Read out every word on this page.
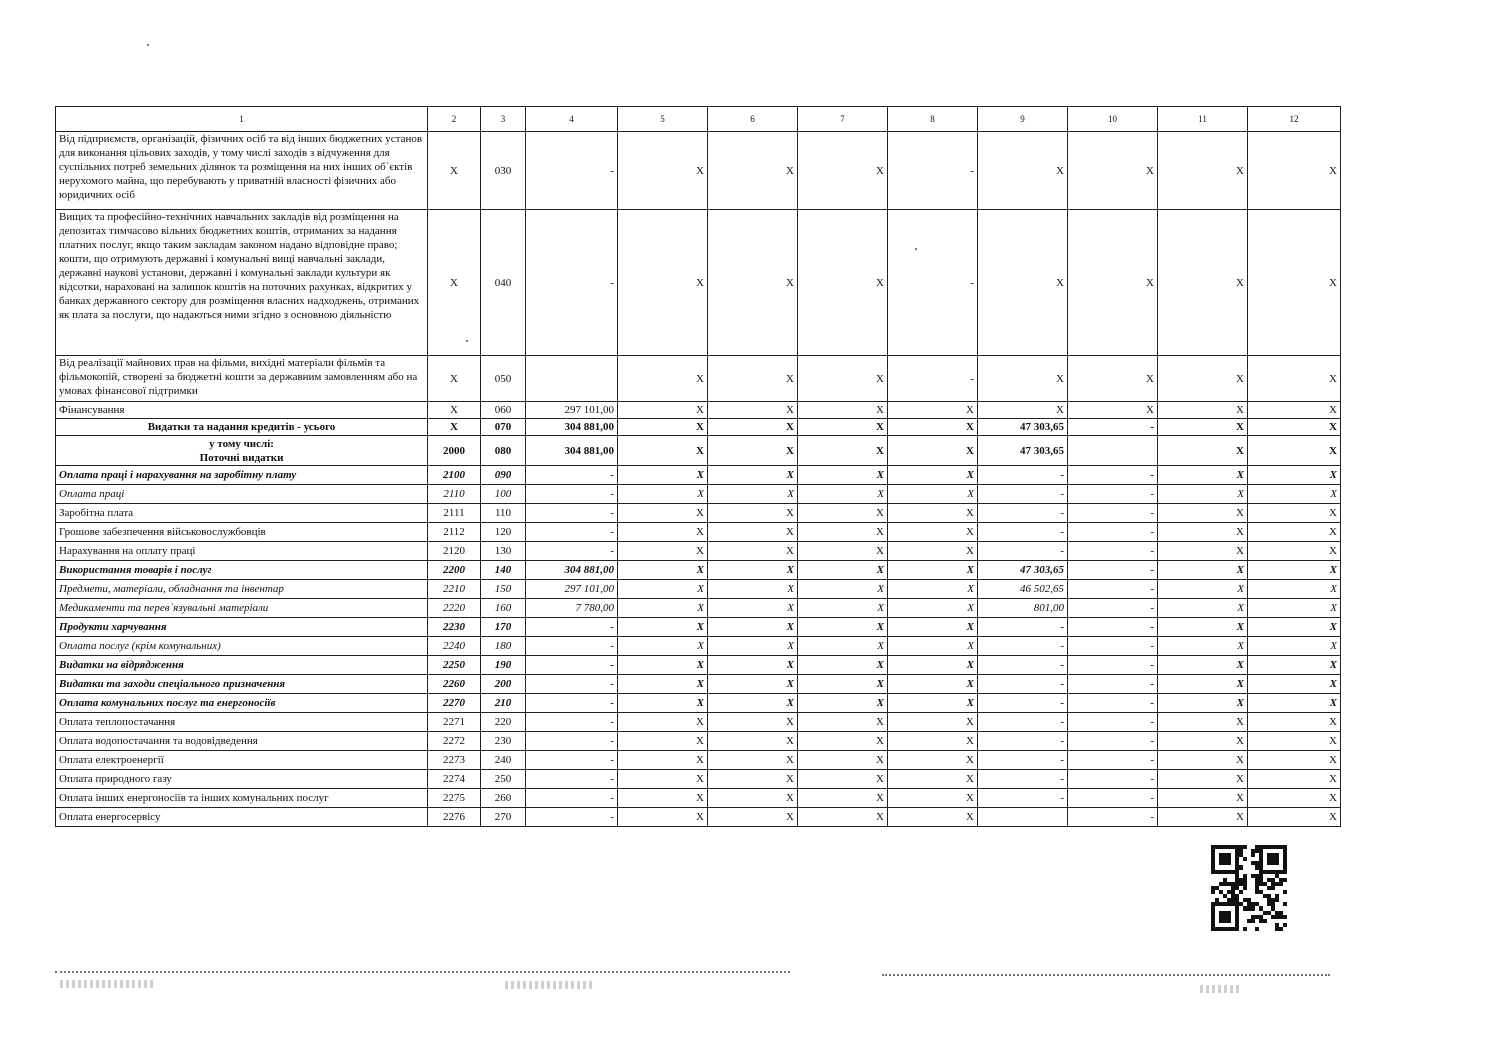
1	2	3	4	5	6	7	8	9	10	11	12

Від підприємств, організацій, фізичних осіб та від інших бюджетних установ для виконання цільових заходів, у тому числі заходів з відчуження для суспільних потреб земельних ділянок та розміщення на них інших об`єктів нерухомого майна, що перебувають у приватній власності фізичних або юридичних осіб	X	030	-	X	X	X	-	X	X	X	X

Вищих та професійно-технічних навчальних закладів від розміщення на депозитах тимчасово вільних бюджетних коштів, отриманих за надання платних послуг, якщо таким закладам законом надано відповідне право; кошти, що отримують державні і комунальні вищі навчальні заклади, державні наукові установи, державні і комунальні заклади культури як відсотки, нараховані на залишок коштів на поточних рахунках, відкритих у банках державного сектору для розміщення власних надходжень, отриманих як плата за послуги, що надаються ними згідно з основною діяльністю	X	040	-	X	X	X	-	X	X	X	X

Від реалізації майнових прав на фільми, вихідні матеріали фільмів та фільмокопій, створені за бюджетні кошти за державним замовленням або на умовах фінансової підтримки	X	050		X	X	X	-	X	X	X	X

Фінансування	X	060	297 101,00	X	X	X	X	X	X	X	X

Видатки та надання кредитів - усього	X	070	304 881,00	X	X	X	X	47 303,65	-	X	X

у тому числі:
Поточні видатки	2000	080	304 881,00	X	X	X	X	47 303,65		X	X

Оплата праці і нарахування на заробітну плату	2100	090	-	X	X	X	X	-	-	X	X

Оплата праці	2110	100	-	X	X	X	X	-	-	X	X

Заробітна плата	2111	110	-	X	X	X	X	-	-	X	X

Грошове забезпечення військовослужбовців	2112	120	-	X	X	X	X	-	-	X	X

Нарахування на оплату праці	2120	130	-	X	X	X	X	-	-	X	X

Використання товарів і послуг	2200	140	304 881,00	X	X	X	X	47 303,65	-	X	X

Предмети, матеріали, обладнання та інвентар	2210	150	297 101,00	X	X	X	X	46 502,65	-	X	X

Медикаменти та перев`язувальні матеріали	2220	160	7 780,00	X	X	X	X	801,00	-	X	X

Продукти харчування	2230	170	-	X	X	X	X	-	-	X	X

Оплата послуг (крім комунальних)	2240	180	-	X	X	X	X	-	-	X	X

Видатки на відрядження	2250	190	-	X	X	X	X	-	-	X	X

Видатки та заходи спеціального призначення	2260	200	-	X	X	X	X	-	-	X	X

Оплата комунальних послуг та енергоносіїв	2270	210	-	X	X	X	X	-	-	X	X

Оплата теплопостачання	2271	220	-	X	X	X	X	-	-	X	X

Оплата водопостачання та водовідведення	2272	230	-	X	X	X	X	-	-	X	X

Оплата електроенергії	2273	240	-	X	X	X	X	-	-	X	X

Оплата природного газу	2274	250	-	X	X	X	X	-	-	X	X

Оплата інших енергоносіїв та інших комунальних послуг	2275	260	-	X	X	X	X	-	-	X	X

Оплата енергосервісу	2276	270	-	X	X	X	X		-	X	X
